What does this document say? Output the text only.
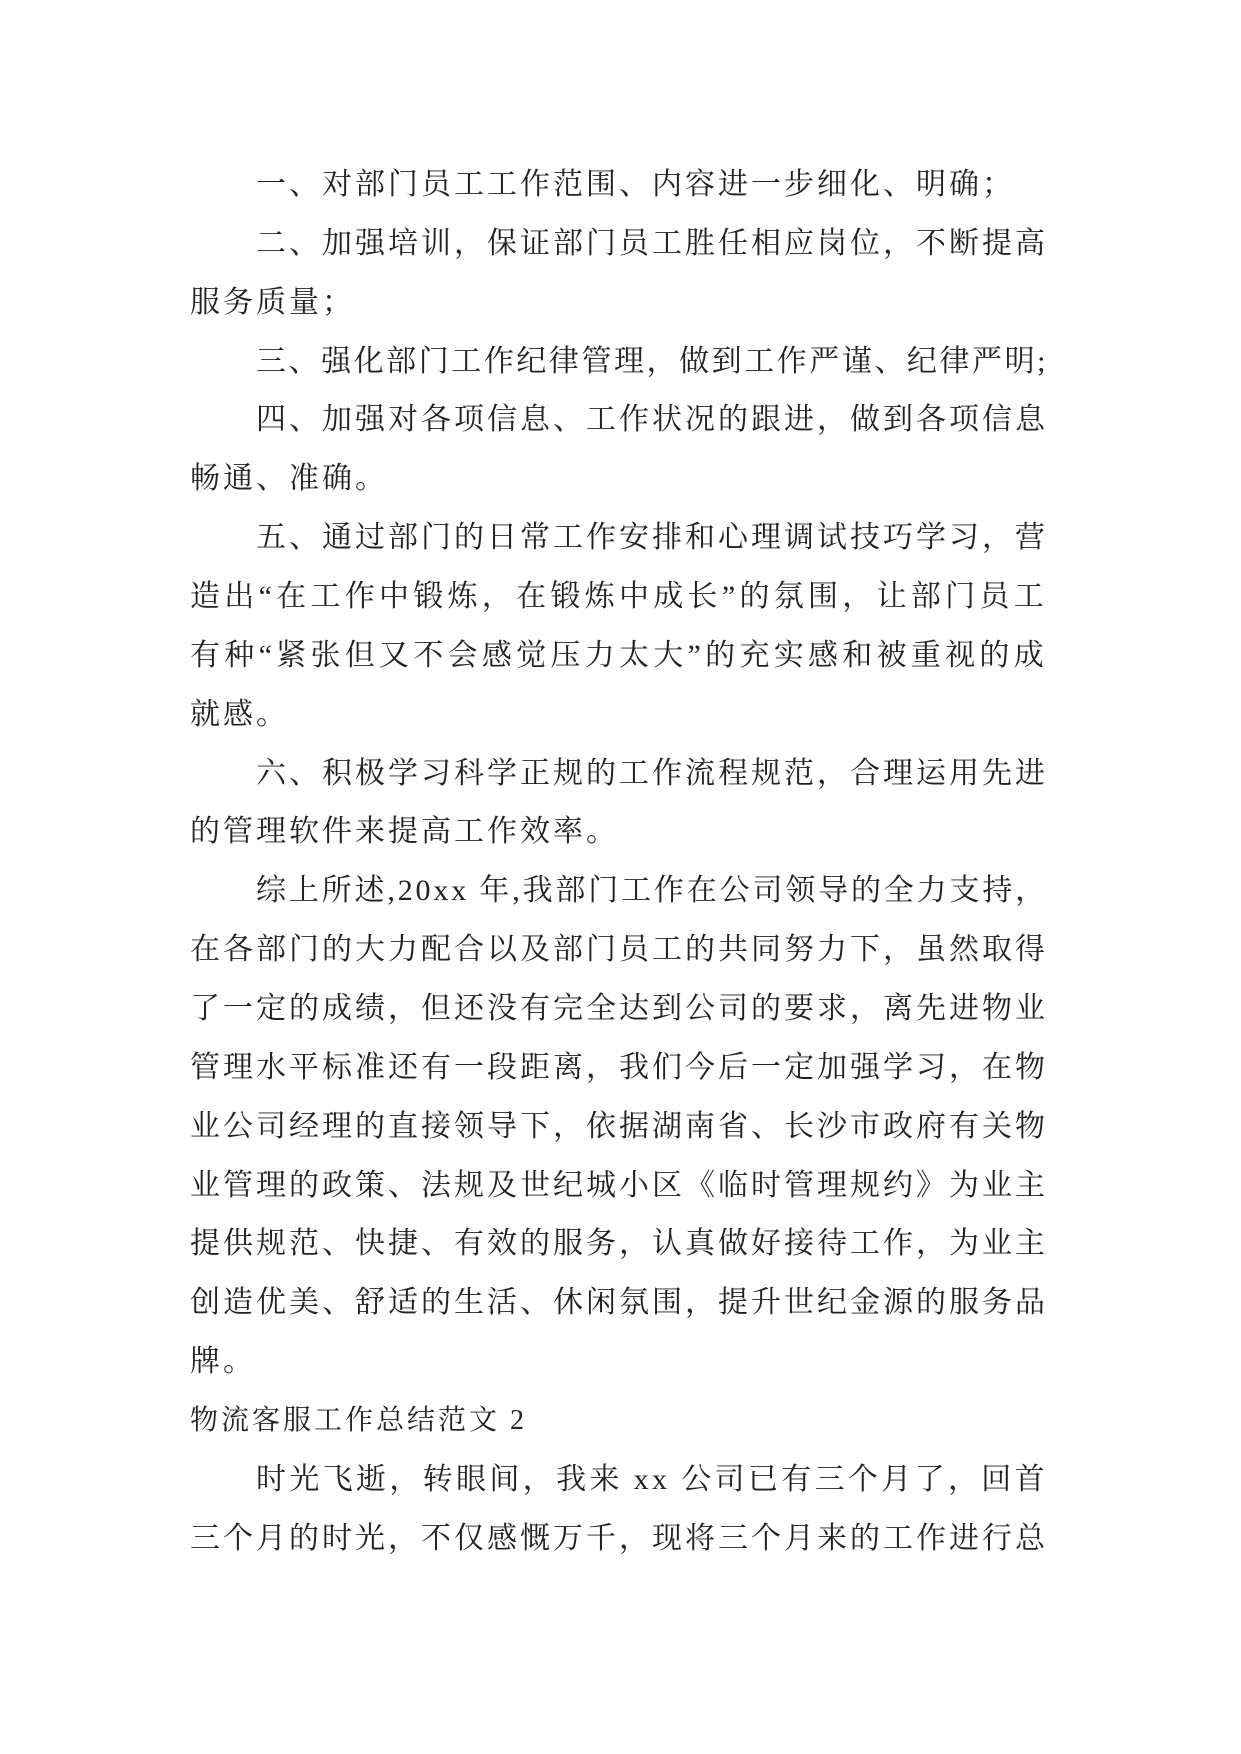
一、对部门员工工作范围、内容进一步细化、明确；
二、加强培训，保证部门员工胜任相应岗位，不断提高
服务质量；
三、强化部门工作纪律管理，做到工作严谨、纪律严明;
四、加强对各项信息、工作状况的跟进，做到各项信息
畅通、准确。
五、通过部门的日常工作安排和心理调试技巧学习，营
造出“在工作中锻炼，在锻炼中成长”的氛围，让部门员工
有种“紧张但又不会感觉压力太大”的充实感和被重视的成
就感。
六、积极学习科学正规的工作流程规范，合理运用先进
的管理软件来提高工作效率。
综上所述,20xx 年,我部门工作在公司领导的全力支持，
在各部门的大力配合以及部门员工的共同努力下，虽然取得
了一定的成绩，但还没有完全达到公司的要求，离先进物业
管理水平标准还有一段距离，我们今后一定加强学习，在物
业公司经理的直接领导下，依据湖南省、长沙市政府有关物
业管理的政策、法规及世纪城小区《临时管理规约》为业主
提供规范、快捷、有效的服务，认真做好接待工作，为业主
创造优美、舒适的生活、休闲氛围，提升世纪金源的服务品
牌。
物流客服工作总结范文 2
时光飞逝，转眼间，我来 xx 公司已有三个月了，回首
三个月的时光，不仅感慨万千，现将三个月来的工作进行总
